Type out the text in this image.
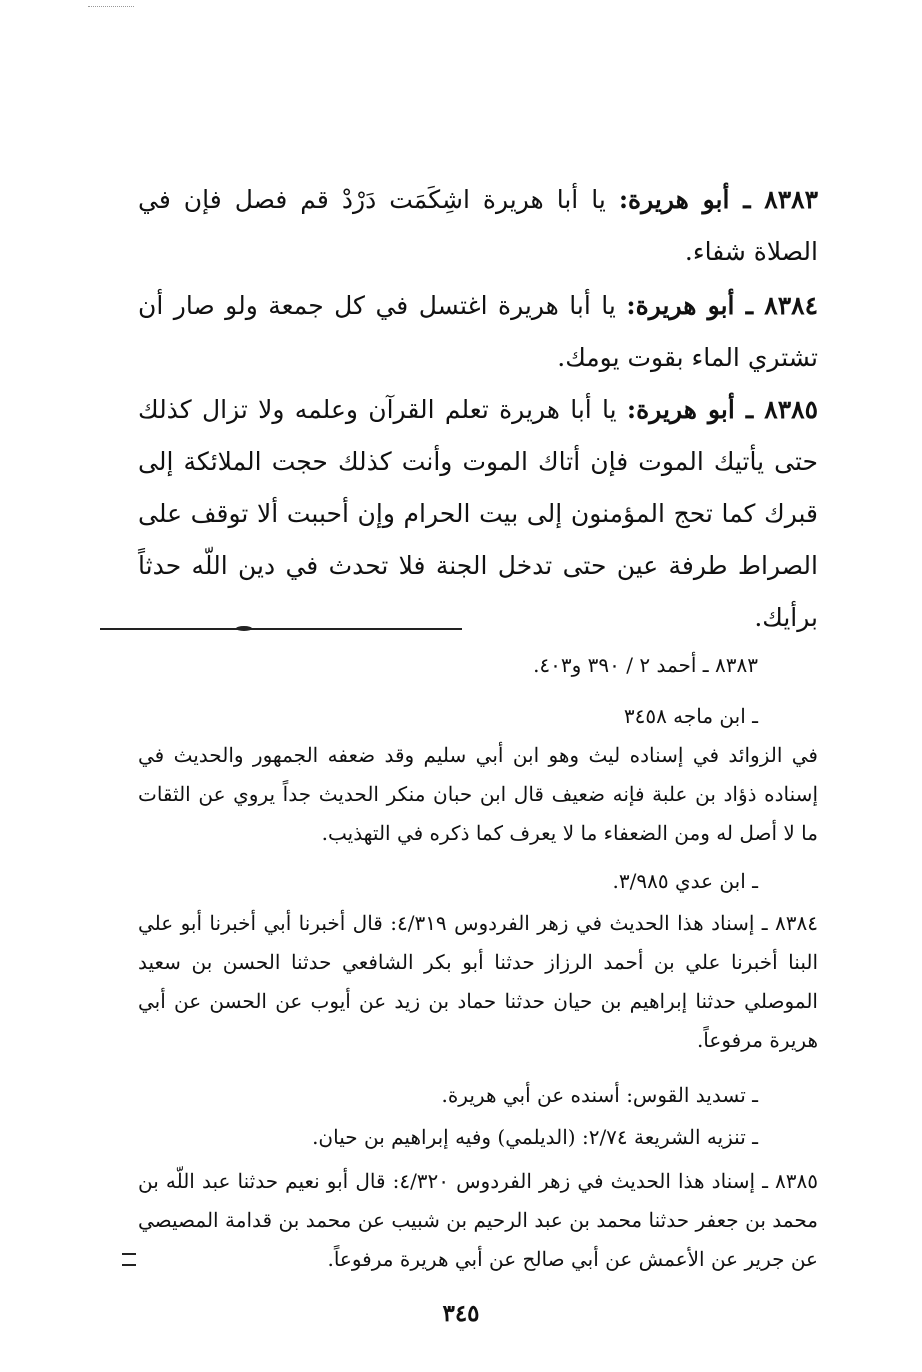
٨٣٨٣ ـ أبو هريرة: يا أبا هريرة اشِكَمَت دَرْدْ قم فصل فإن في الصلاة شفاء.

٨٣٨٤ ـ أبو هريرة: يا أبا هريرة اغتسل في كل جمعة ولو صار أن تشتري الماء بقوت يومك.

٨٣٨٥ ـ أبو هريرة: يا أبا هريرة تعلم القرآن وعلمه ولا تزال كذلك حتى يأتيك الموت فإن أتاك الموت وأنت كذلك حجت الملائكة إلى قبرك كما تحج المؤمنون إلى بيت الحرام وإن أحببت ألا توقف على الصراط طرفة عين حتى تدخل الجنة فلا تحدث في دين اللّه حدثاً برأيك.

٨٣٨٣ ـ أحمد ٢ / ٣٩٠ و٤٠٣.

ـ ابن ماجه ٣٤٥٨

في الزوائد في إسناده ليث وهو ابن أبي سليم وقد ضعفه الجمهور والحديث في إسناده ذؤاد بن علبة فإنه ضعيف قال ابن حبان منكر الحديث جداً يروي عن الثقات ما لا أصل له ومن الضعفاء ما لا يعرف كما ذكره في التهذيب.

ـ ابن عدي ٣/٩٨٥.

٨٣٨٤ ـ إسناد هذا الحديث في زهر الفردوس ٤/٣١٩: قال أخبرنا أبي أخبرنا أبو علي البنا أخبرنا علي بن أحمد الرزاز حدثنا أبو بكر الشافعي حدثنا الحسن بن سعيد الموصلي حدثنا إبراهيم بن حيان حدثنا حماد بن زيد عن أيوب عن الحسن عن أبي هريرة مرفوعاً.

ـ تسديد القوس: أسنده عن أبي هريرة.

ـ تنزيه الشريعة ٢/٧٤: (الديلمي) وفيه إبراهيم بن حيان.

٨٣٨٥ ـ إسناد هذا الحديث في زهر الفردوس ٤/٣٢٠: قال أبو نعيم حدثنا عبد اللّه بن محمد بن جعفر حدثنا محمد بن عبد الرحيم بن شبيب عن محمد بن قدامة المصيصي عن جرير عن الأعمش عن أبي صالح عن أبي هريرة مرفوعاً.

٣٤٥
